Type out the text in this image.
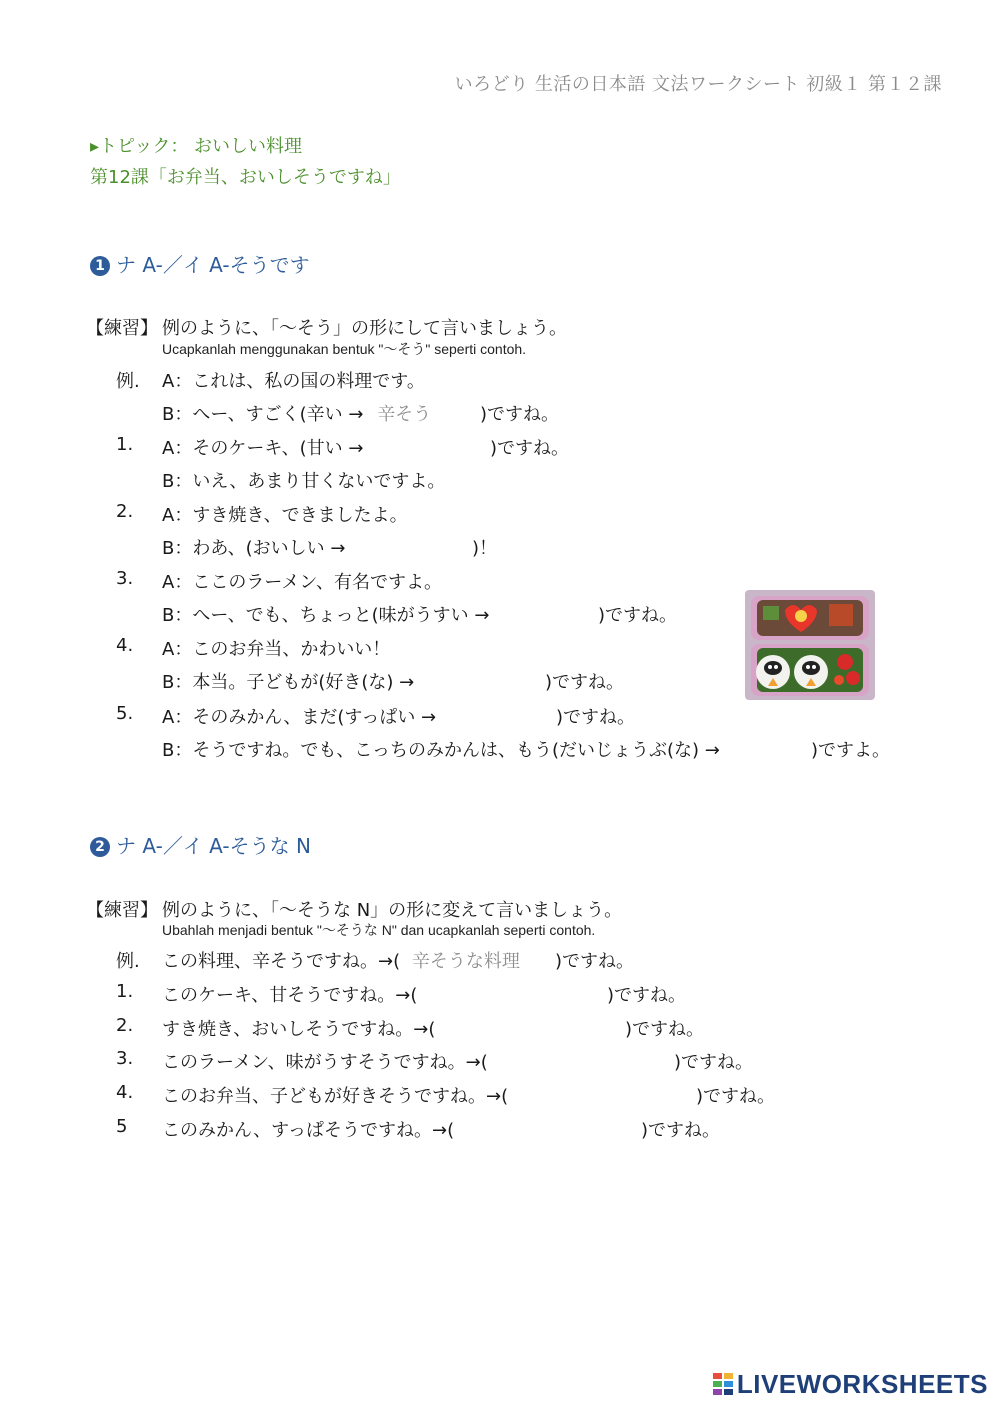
いろどり 生活の日本語 文法ワークシート 初級１ 第１２課
▸トピック： おいしい料理
第12課「お弁当、おいしそうですね」
1 ナ A-／イ A-そうです
【練習】 例のように、「～そう」の形にして言いましょう。
Ucapkanlah menggunakan bentuk "～そう" seperti contoh.
例. A：これは、私の国の料理です。
B：へー、すごく(辛い → 辛そう	)ですね。
1. A：そのケーキ、(甘い →	)ですね。
B：いえ、あまり甘くないですよ。
2. A：すき焼き、できましたよ。
B：わあ、(おいしい →	)！
3. A：ここのラーメン、有名ですよ。
B：へー、でも、ちょっと(味がうすい →	)ですね。
4. A：このお弁当、かわいい！
B：本当。子どもが(好き(な) →	)ですね。
5. A：そのみかん、まだ(すっぱい →	)ですね。
B：そうですね。でも、こっちのみかんは、もう(だいじょうぶ(な) →	)ですよ。
2 ナ A-／イ A-そうな N
【練習】 例のように、「～そうな N」の形に変えて言いましょう。
Ubahlah menjadi bentuk "～そうな N" dan ucapkanlah seperti contoh.
例. この料理、辛そうですね。→( 辛そうな料理 )ですね。
1. このケーキ、甘そうですね。→(	)ですね。
2. すき焼き、おいしそうですね。→(	)ですね。
3. このラーメン、味がうすそうですね。→(	)ですね。
4. このお弁当、子どもが好きそうですね。→(	)ですね。
5 このみかん、すっぱそうですね。→(	)ですね。
LIVEWORKSHEETS
